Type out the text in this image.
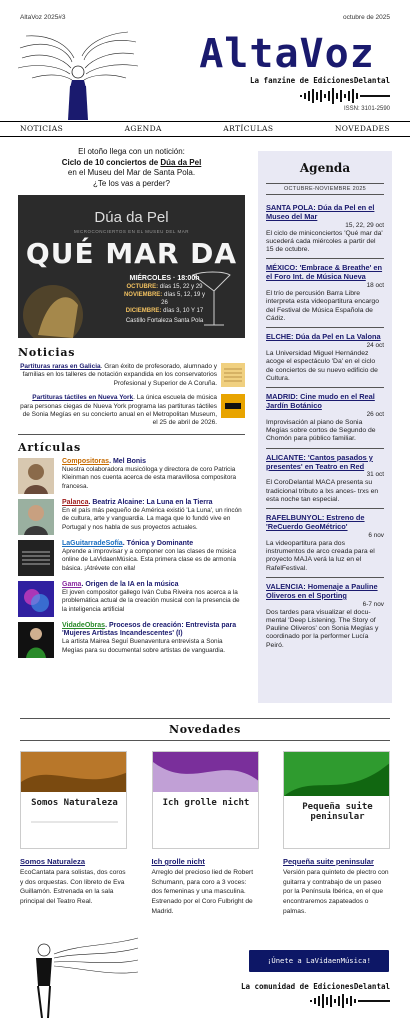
AltaVoz 2025#3	octubre de 2025
AltaVoz
La fanzine de EdicionesDelantal
ISSN: 3101-2590
NOTICIAS	AGENDA	ARTÍCULAS	NOVEDADES
El otoño llega con un notición:
Ciclo de 10 conciertos de Dúa da Pel
en el Museu del Mar de Santa Pola.
¿Te los vas a perder?
Dúa da Pel
MICROCONCIERTOS EN EL MUSEU DEL MAR
QUÉ MAR DA
MIÉRCOLES · 18:00h
OCTUBRE: días 15, 22 y 29
NOVIEMBRE: días 5, 12, 19 y 26
DICIEMBRE: días 3, 10 Y 17
Castillo Fortaleza Santa Pola
Noticias
Partituras raras en Galicia. Gran éxito de profesorado, alumnado y familias en los talleres de notación expandida en los conservatorios Profesional y Superior de A Coruña.
Partituras táctiles en Nueva York. La única escuela de música para personas ciegas de Nueva York programa las partituras táctiles de Sonia Megías en su concierto anual en el Metropolitan Museum, el 25 de abril de 2026.
Artículas
Compositoras. Mel Bonis
Nuestra colaboradora musicóloga y directora de coro Patricia Kleinman nos cuenta acerca de esta maravillosa compositora francesa.
Palanca. Beatriz Alcaine: La Luna en la Tierra
En el país más pequeño de América existió 'La Luna', un rincón de cultura, arte y vanguardia. La maga que lo fundó vive en Portugal y nos habla de sus proyectos actuales.
LaGuitarradeSofía. Tónica y Dominante
Aprende a improvisar y a componer con las clases de música online de LaVidaenMúsica. Esta primera clase es de armonía básica. ¡Atrévete con ella!
Gama. Origen de la IA en la música
El joven compositor gallego Iván Cuba Riveira nos acerca a la problemática actual de la creación musical con la presencia de la inteligencia artificial
VidadeObras. Procesos de creación: Entrevista para 'Mujeres Artistas Incandescentes' (I)
La artista Mairea Seguí Buenaventura entrevista a Sonia Megías para su documental sobre artistas de vanguardia.
Agenda
OCTUBRE-NOVIEMBRE 2025
SANTA POLA: Dúa da Pel en el Museo del Mar
15, 22, 29 oct
El ciclo de miniconciertos 'Qué mar da' sucederá cada miércoles a partir del 15 de octubre.
MÉXICO: 'Embrace & Breathe' en el Foro Int. de Música Nueva
18 oct
El trío de percusión Barra Libre interpreta esta videopartitura encargo del Festival de Música Española de Cádiz.
ELCHE: Dúa da Pel en La Valona
24 oct
La Universidad Miguel Hernández acoge el espectáculo 'Da' en el ciclo de conciertos de su nuevo edificio de Cultura.
MADRID: Cine mudo en el Real Jardín Botánico
26 oct
Improvisación al piano de Sonia Megías sobre cortos de Segundo de Chomón para público familiar.
ALICANTE: 'Cantos pasados y presentes' en Teatro en Red
31 oct
El CoroDelantal MACA presenta su tradicional tributo a lxs ances- trxs en esta noche tan especial.
RAFELBUNYOL: Estreno de 'ReCuerdo GeoMétrico'
6 nov
La videopartitura para dos instrumentos de arco creada para el proyecto MAJA verá la luz en el RafelFestival.
VALENCIA: Homenaje a Pauline Oliveros en el Sporting
6-7 nov
Dos tardes para visualizar el docu- mental 'Deep Listening. The Story of Pauline Oliveros' con Sonia Megías y coordinado por la performer Lucía Peiró.
Novedades
Somos Naturaleza
Somos Naturaleza
EcoCantata para solistas, dos coros y dos orquestas. Con libreto de Eva Guillamón. Estrenada en la sala principal del Teatro Real.
Ich grolle nicht
Ich grolle nicht
Arreglo del precioso lied de Robert Schumann, para coro a 3 voces: dos femeninas y una masculina. Estrenado por el Coro Fulbright de Madrid.
Pequeña suite peninsular
Pequeña suite peninsular
Versión para quinteto de plectro con guitarra y contrabajo de un paseo por la Península Ibérica, en el que encontraremos zapateados o palmas.
¡Únete a LaVidaenMúsica!
La comunidad de EdicionesDelantal
